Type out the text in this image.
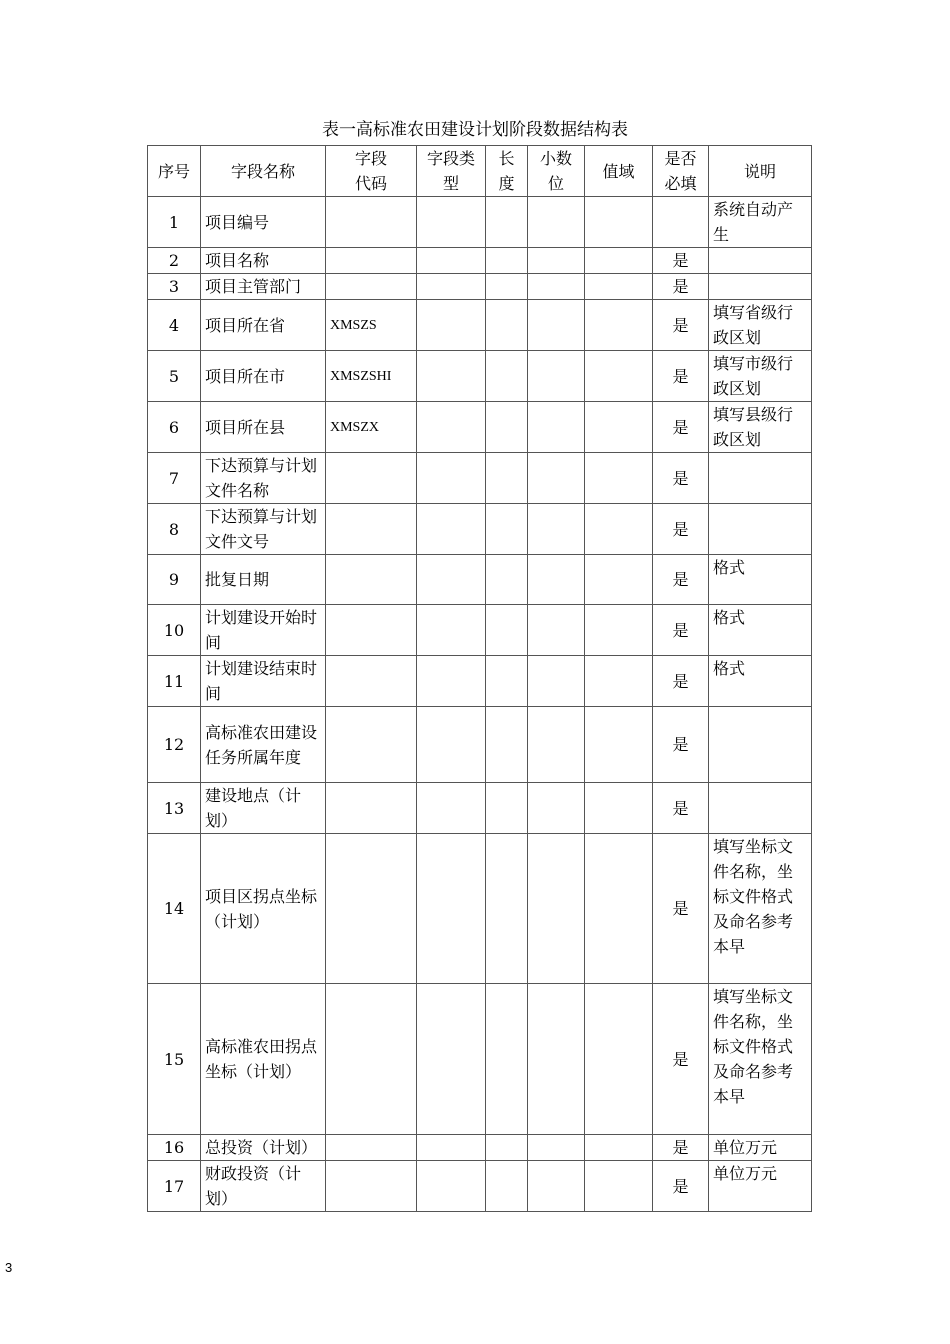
表一高标准农田建设计划阶段数据结构表
序号	字段名称	字段代码	字段类型	长度	小数位	值域	是否必填	说明
1	项目编号							系统自动产生
2	项目名称						是	
3	项目主管部门						是	
4	项目所在省	XMSZS					是	填写省级行政区划
5	项目所在市	XMSZSHI					是	填写市级行政区划
6	项目所在县	XMSZX					是	填写县级行政区划
7	下达预算与计划文件名称						是	
8	下达预算与计划文件文号						是	
9	批复日期						是	格式
10	计划建设开始时间						是	格式
11	计划建设结束时间						是	格式
12	高标准农田建设任务所属年度						是	
13	建设地点（计划）						是	
14	项目区拐点坐标（计划）						是	填写坐标文件名称，坐标文件格式及命名参考本早
15	高标准农田拐点坐标（计划）						是	填写坐标文件名称，坐标文件格式及命名参考本早
16	总投资（计划）						是	单位万元
17	财政投资（计划）						是	单位万元
3
